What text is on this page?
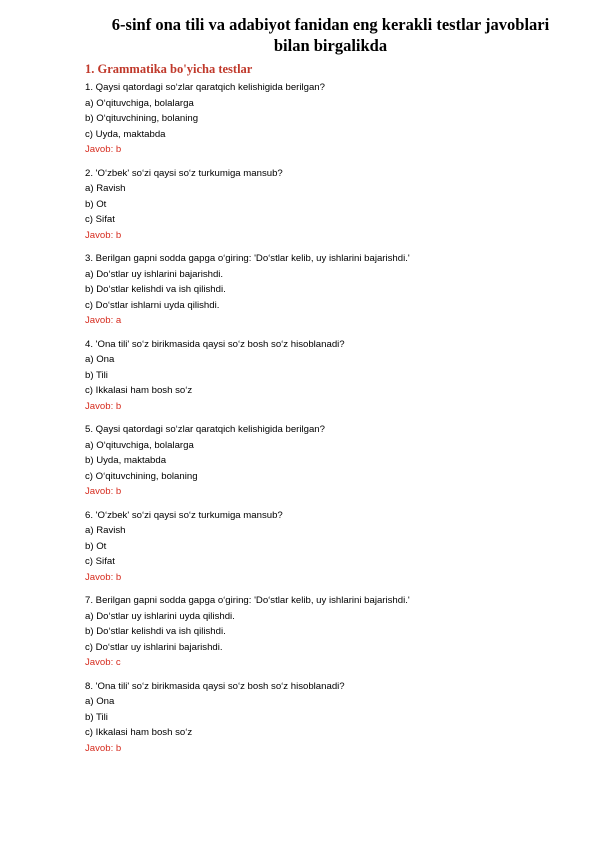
6-sinf ona tili va adabiyot fanidan eng kerakli testlar javoblari
bilan birgalikda
1. Grammatika bo'yicha testlar
1. Qaysi qatordagi so‘zlar qaratqich kelishigida berilgan?
a) O‘qituvchiga, bolalarga
b) O‘qituvchining, bolaning
c) Uyda, maktabda
Javob: b
2. 'O‘zbek' so‘zi qaysi so‘z turkumiga mansub?
a) Ravish
b) Ot
c) Sifat
Javob: b
3. Berilgan gapni sodda gapga o‘giring: 'Do‘stlar kelib, uy ishlarini bajarishdi.'
a) Do‘stlar uy ishlarini bajarishdi.
b) Do‘stlar kelishdi va ish qilishdi.
c) Do‘stlar ishlarni uyda qilishdi.
Javob: a
4. 'Ona tili' so‘z birikmasida qaysi so‘z bosh so‘z hisoblanadi?
a) Ona
b) Tili
c) Ikkalasi ham bosh so‘z
Javob: b
5. Qaysi qatordagi so‘zlar qaratqich kelishigida berilgan?
a) O‘qituvchiga, bolalarga
b) Uyda, maktabda
c) O‘qituvchining, bolaning
Javob: b
6. 'O‘zbek' so‘zi qaysi so‘z turkumiga mansub?
a) Ravish
b) Ot
c) Sifat
Javob: b
7. Berilgan gapni sodda gapga o‘giring: 'Do‘stlar kelib, uy ishlarini bajarishdi.'
a) Do‘stlar uy ishlarini uyda qilishdi.
b) Do‘stlar kelishdi va ish qilishdi.
c) Do‘stlar uy ishlarini bajarishdi.
Javob: c
8. 'Ona tili' so‘z birikmasida qaysi so‘z bosh so‘z hisoblanadi?
a) Ona
b) Tili
c) Ikkalasi ham bosh so‘z
Javob: b
